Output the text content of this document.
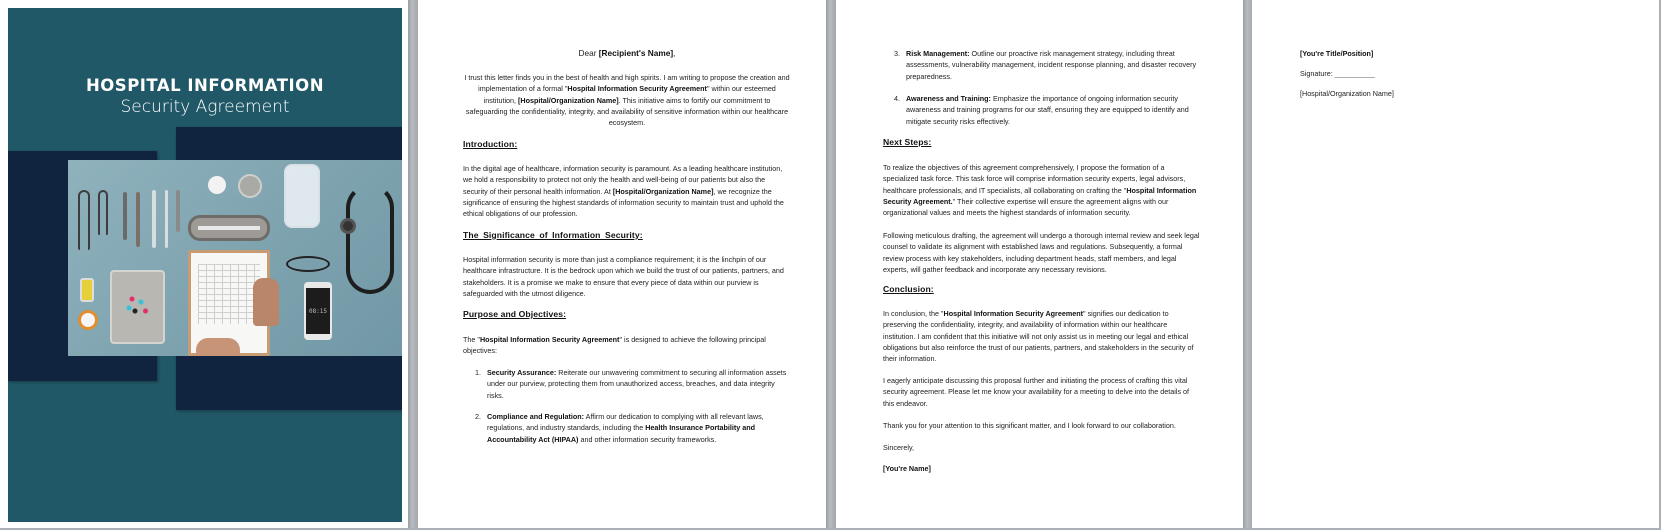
HOSPITAL INFORMATION
Security Agreement
08:15
Dear [Recipient's Name],
I trust this letter finds you in the best of health and high spirits. I am writing to propose the creation and implementation of a formal "Hospital Information Security Agreement" within our esteemed institution, [Hospital/Organization Name]. This initiative aims to fortify our commitment to safeguarding the confidentiality, integrity, and availability of sensitive information within our healthcare ecosystem.
Introduction:
In the digital age of healthcare, information security is paramount. As a leading healthcare institution, we hold a responsibility to protect not only the health and well-being of our patients but also the security of their personal health information. At [Hospital/Organization Name], we recognize the significance of ensuring the highest standards of information security to maintain trust and uphold the ethical obligations of our profession.
The Significance of Information Security:
Hospital information security is more than just a compliance requirement; it is the linchpin of our healthcare infrastructure. It is the bedrock upon which we build the trust of our patients, partners, and stakeholders. It is a promise we make to ensure that every piece of data within our purview is safeguarded with the utmost diligence.
Purpose and Objectives:
The "Hospital Information Security Agreement" is designed to achieve the following principal objectives:
1. Security Assurance: Reiterate our unwavering commitment to securing all information assets under our purview, protecting them from unauthorized access, breaches, and data integrity risks.
2. Compliance and Regulation: Affirm our dedication to complying with all relevant laws, regulations, and industry standards, including the Health Insurance Portability and Accountability Act (HIPAA) and other information security frameworks.
3. Risk Management: Outline our proactive risk management strategy, including threat assessments, vulnerability management, incident response planning, and disaster recovery preparedness.
4. Awareness and Training: Emphasize the importance of ongoing information security awareness and training programs for our staff, ensuring they are equipped to identify and mitigate security risks effectively.
Next Steps:
To realize the objectives of this agreement comprehensively, I propose the formation of a specialized task force. This task force will comprise information security experts, legal advisors, healthcare professionals, and IT specialists, all collaborating on crafting the "Hospital Information Security Agreement." Their collective expertise will ensure the agreement aligns with our organizational values and meets the highest standards of information security.
Following meticulous drafting, the agreement will undergo a thorough internal review and seek legal counsel to validate its alignment with established laws and regulations. Subsequently, a formal review process with key stakeholders, including department heads, staff members, and legal experts, will gather feedback and incorporate any necessary revisions.
Conclusion:
In conclusion, the "Hospital Information Security Agreement" signifies our dedication to preserving the confidentiality, integrity, and availability of information within our healthcare institution. I am confident that this initiative will not only assist us in meeting our legal and ethical obligations but also reinforce the trust of our patients, partners, and stakeholders in the security of their information.
I eagerly anticipate discussing this proposal further and initiating the process of crafting this vital security agreement. Please let me know your availability for a meeting to delve into the details of this endeavor.
Thank you for your attention to this significant matter, and I look forward to our collaboration.
Sincerely,
[You're Name]
[You're Title/Position]
Signature: __________
[Hospital/Organization Name]
